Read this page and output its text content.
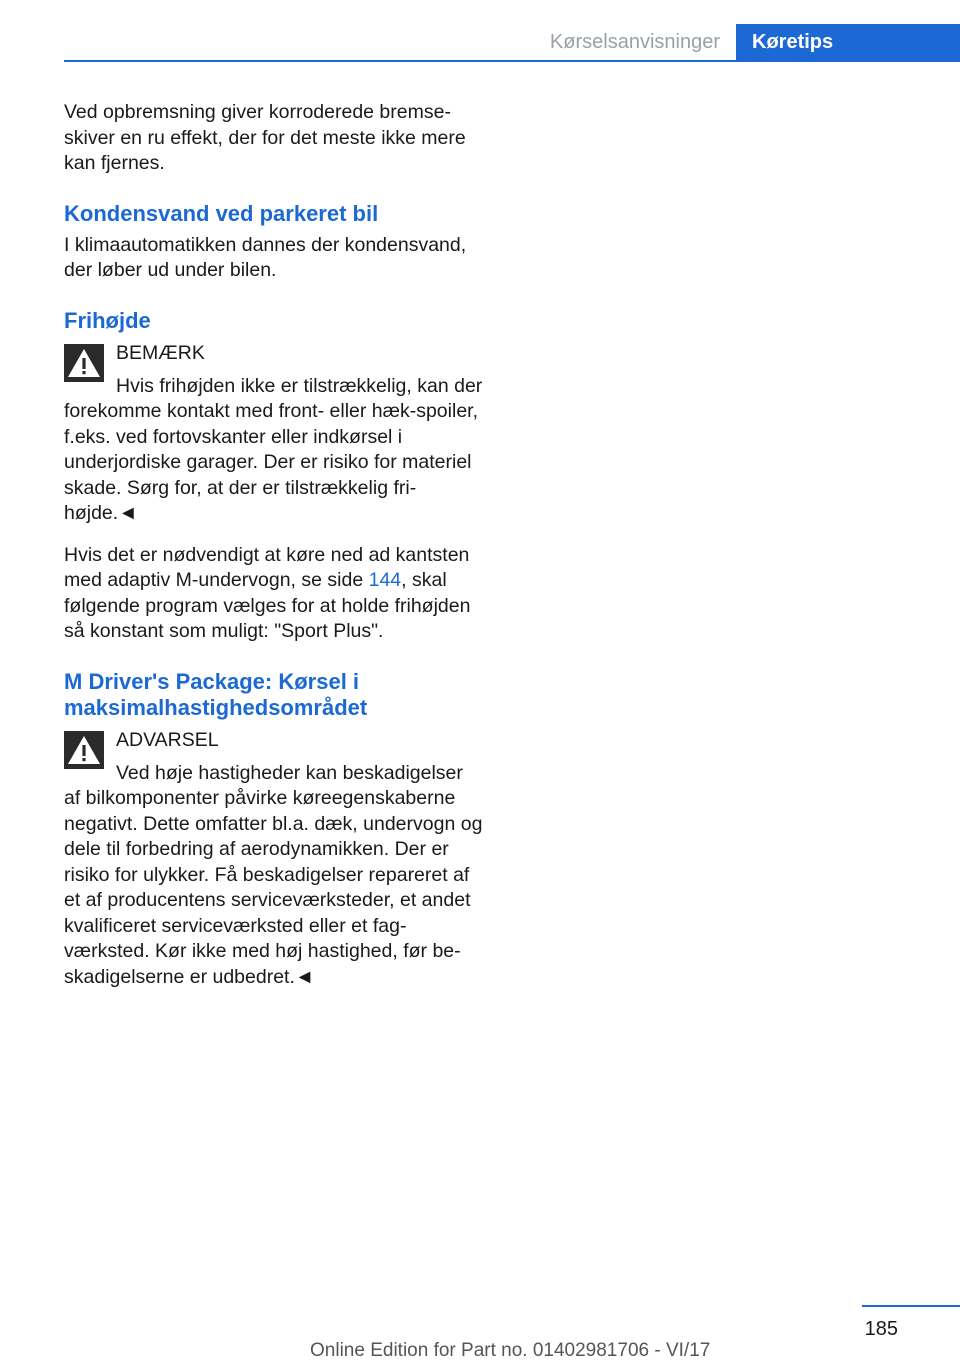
Kørselsanvisninger	Køretips

Ved opbremsning giver korroderede bremse-skiver en ru effekt, der for det meste ikke mere kan fjernes.

Kondensvand ved parkeret bil

I klimaautomatikken dannes der kondensvand, der løber ud under bilen.

Frihøjde
BEMÆRK

Hvis frihøjden ikke er tilstrækkelig, kan der forekomme kontakt med front- eller hæk-spoiler, f.eks. ved fortovskanter eller indkørsel i underjordiske garager. Der er risiko for materiel skade. Sørg for, at der er tilstrækkelig fri-højde.◄

Hvis det er nødvendigt at køre ned ad kantsten med adaptiv M-undervogn, se side 144, skal følgende program vælges for at holde frihøjden så konstant som muligt: "Sport Plus".

M Driver's Package: Kørsel i maksimalhastighedsområdet
ADVARSEL

Ved høje hastigheder kan beskadigelser af bilkomponenter påvirke køreegenskaberne negativt. Dette omfatter bl.a. dæk, undervogn og dele til forbedring af aerodynamikken. Der er risiko for ulykker. Få beskadigelser repareret af et af producentens serviceværksteder, et andet kvalificeret serviceværksted eller et fag-værksted. Kør ikke med høj hastighed, før be-skadigelserne er udbedret.◄

185
Online Edition for Part no. 01402981706 - VI/17
